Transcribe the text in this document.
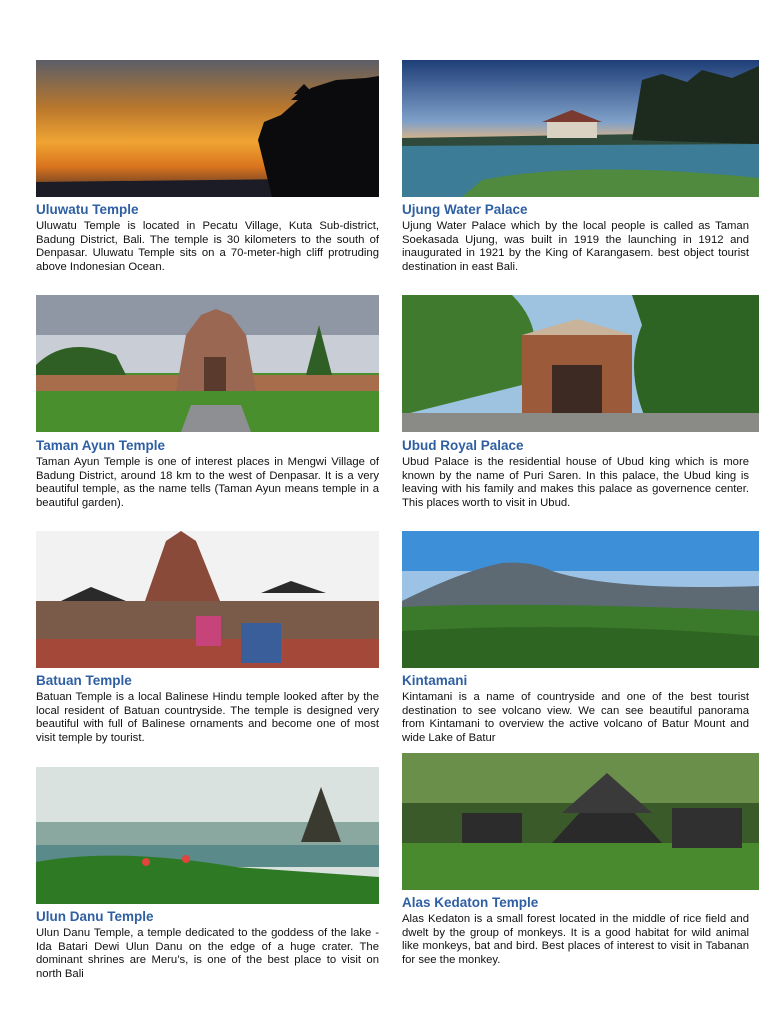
Uluwatu Temple
Uluwatu Temple is located in Pecatu Village, Kuta Sub-district, Badung District, Bali. The temple is 30 kilometers to the south of Denpasar. Uluwatu Temple sits on a 70-meter-high cliff protruding above Indonesian Ocean.
Ujung Water Palace
Ujung Water Palace which by the local people is called as Taman Soekasada Ujung, was built in 1919 the launching in 1912 and inaugurated in 1921 by the King of Karangasem. best object tourist destination in east Bali.
Taman Ayun Temple
Taman Ayun Temple is one of interest places in Mengwi Village of Badung District, around 18 km to the west of Denpasar. It is a very beautiful temple, as the name tells (Taman Ayun means temple in a beautiful garden).
Ubud Royal Palace
Ubud Palace is the residential house of Ubud king which is more known by the name of Puri Saren. In this palace, the Ubud king is leaving with his family and makes this palace as governence center. This places worth to visit in Ubud.
Batuan Temple
Batuan Temple is a local Balinese Hindu temple looked after by the local resident of Batuan countryside. The temple is designed very beautiful with full of Balinese ornaments and become one of most visit temple by tourist.
Kintamani
Kintamani is a name of countryside and one of the best tourist destination to see volcano view. We can see beautiful panorama from Kintamani to overview the active volcano of Batur Mount and wide Lake of Batur
Ulun Danu Temple
Ulun Danu Temple, a temple dedicated to the goddess of the lake - Ida Batari Dewi Ulun Danu on the edge of a huge crater. The dominant shrines are Meru’s, is one of the best place to visit on north Bali
Alas Kedaton Temple
Alas Kedaton is a small forest located in the middle of rice field and dwelt by the group of monkeys. It is a good habitat for wild animal like monkeys, bat and bird. Best places of interest to visit in Tabanan for see the monkey.
